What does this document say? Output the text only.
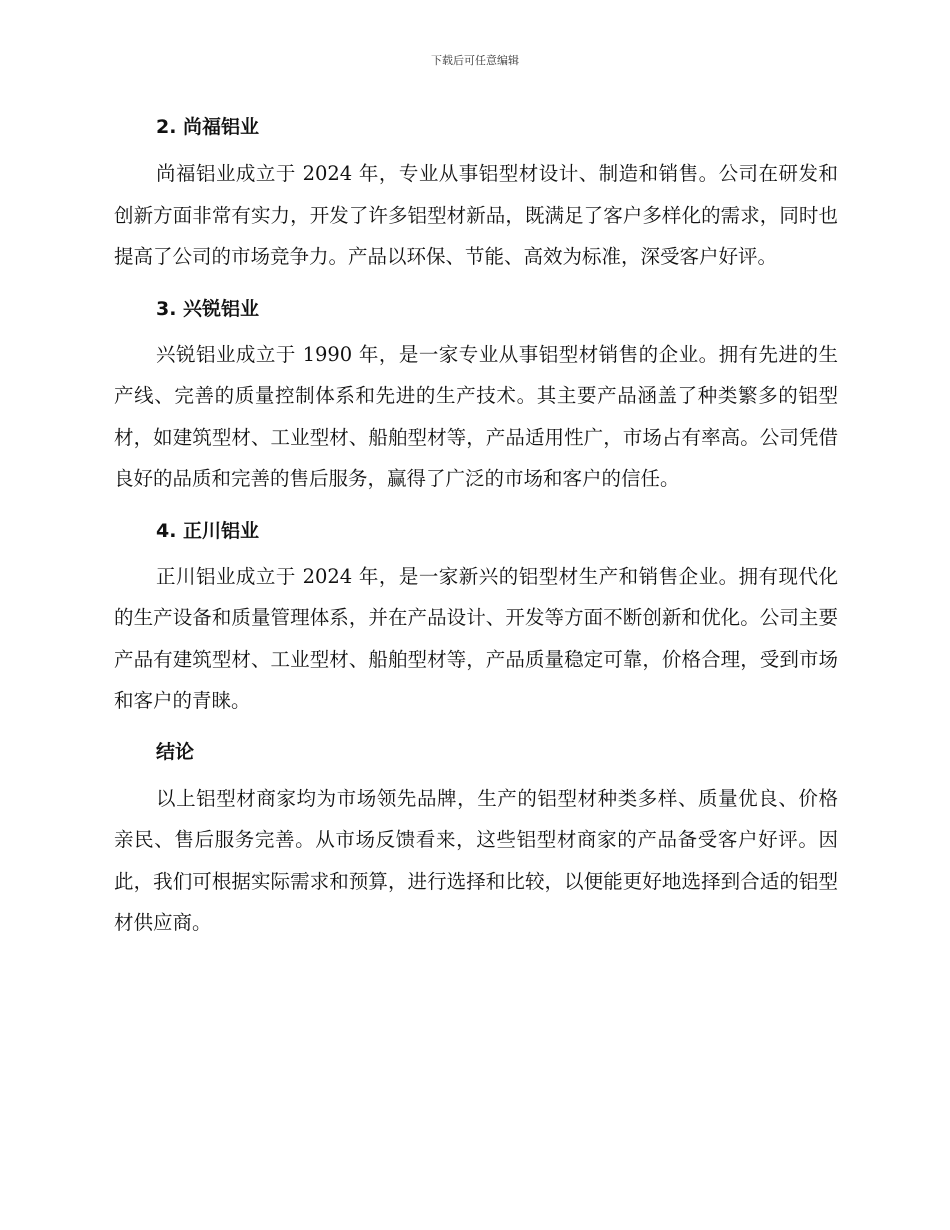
下载后可任意编辑
2. 尚福铝业

尚福铝业成立于 2024 年，专业从事铝型材设计、制造和销售。公司在研发和创新方面非常有实力，开发了许多铝型材新品，既满足了客户多样化的需求，同时也提高了公司的市场竞争力。产品以环保、节能、高效为标准，深受客户好评。

3. 兴锐铝业

兴锐铝业成立于 1990 年，是一家专业从事铝型材销售的企业。拥有先进的生产线、完善的质量控制体系和先进的生产技术。其主要产品涵盖了种类繁多的铝型材，如建筑型材、工业型材、船舶型材等，产品适用性广，市场占有率高。公司凭借良好的品质和完善的售后服务，赢得了广泛的市场和客户的信任。

4. 正川铝业

正川铝业成立于 2024 年，是一家新兴的铝型材生产和销售企业。拥有现代化的生产设备和质量管理体系，并在产品设计、开发等方面不断创新和优化。公司主要产品有建筑型材、工业型材、船舶型材等，产品质量稳定可靠，价格合理，受到市场和客户的青睐。

结论

以上铝型材商家均为市场领先品牌，生产的铝型材种类多样、质量优良、价格亲民、售后服务完善。从市场反馈看来，这些铝型材商家的产品备受客户好评。因此，我们可根据实际需求和预算，进行选择和比较，以便能更好地选择到合适的铝型材供应商。
